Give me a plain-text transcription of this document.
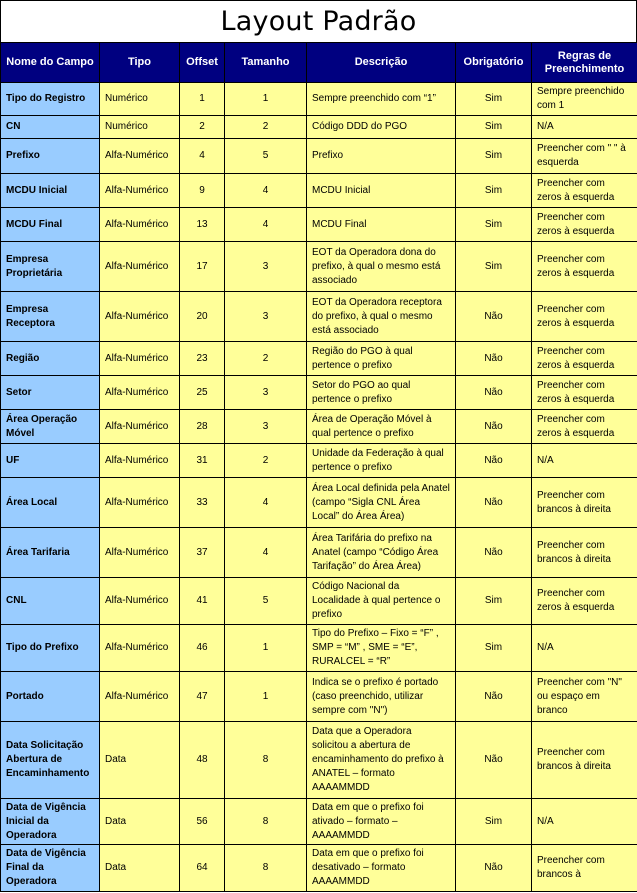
Layout Padrão
Nome do Campo	Tipo	Offset	Tamanho	Descrição	Obrigatório	Regras de Preenchimento
Tipo do Registro	Numérico	1	1	Sempre preenchido com “1”	Sim	Sempre preenchido com 1
CN	Numérico	2	2	Código DDD do PGO	Sim	N/A
Prefixo	Alfa-Numérico	4	5	Prefixo	Sim	Preencher com " " à esquerda
MCDU Inicial	Alfa-Numérico	9	4	MCDU Inicial	Sim	Preencher com zeros à esquerda
MCDU Final	Alfa-Numérico	13	4	MCDU Final	Sim	Preencher com zeros à esquerda
Empresa Proprietária	Alfa-Numérico	17	3	EOT da Operadora dona do prefixo, à qual o mesmo está associado	Sim	Preencher com zeros à esquerda
Empresa Receptora	Alfa-Numérico	20	3	EOT da Operadora receptora do prefixo, à qual o mesmo está associado	Não	Preencher com zeros à esquerda
Região	Alfa-Numérico	23	2	Região do PGO à qual pertence o prefixo	Não	Preencher com zeros à esquerda
Setor	Alfa-Numérico	25	3	Setor do PGO ao qual pertence o prefixo	Não	Preencher com zeros à esquerda
Área Operação Móvel	Alfa-Numérico	28	3	Área de Operação Móvel à qual pertence o prefixo	Não	Preencher com zeros à esquerda
UF	Alfa-Numérico	31	2	Unidade da Federação à qual pertence o prefixo	Não	N/A
Área Local	Alfa-Numérico	33	4	Área Local definida pela Anatel (campo “Sigla CNL Área Local” do Área Área)	Não	Preencher com brancos à direita
Área Tarifaria	Alfa-Numérico	37	4	Área Tarifária do prefixo na Anatel (campo “Código Área Tarifação” do Área Área)	Não	Preencher com brancos à direita
CNL	Alfa-Numérico	41	5	Código Nacional da Localidade à qual pertence o prefixo	Sim	Preencher com zeros à esquerda
Tipo do Prefixo	Alfa-Numérico	46	1	Tipo do Prefixo – Fixo = “F” , SMP = “M” , SME = “E”, RURALCEL = “R”	Sim	N/A
Portado	Alfa-Numérico	47	1	Indica se o prefixo é portado (caso preenchido, utilizar sempre com "N")	Não	Preencher com "N" ou espaço em branco
Data Solicitação Abertura de Encaminhamento	Data	48	8	Data que a Operadora solicitou a abertura de encaminhamento do prefixo à ANATEL – formato AAAAMMDD	Não	Preencher com brancos à direita
Data de Vigência Inicial da Operadora	Data	56	8	Data em que o prefixo foi ativado – formato – AAAAMMDD	Sim	N/A
Data de Vigência Final da Operadora	Data	64	8	Data em que o prefixo foi desativado – formato AAAAMMDD	Não	Preencher com brancos à
